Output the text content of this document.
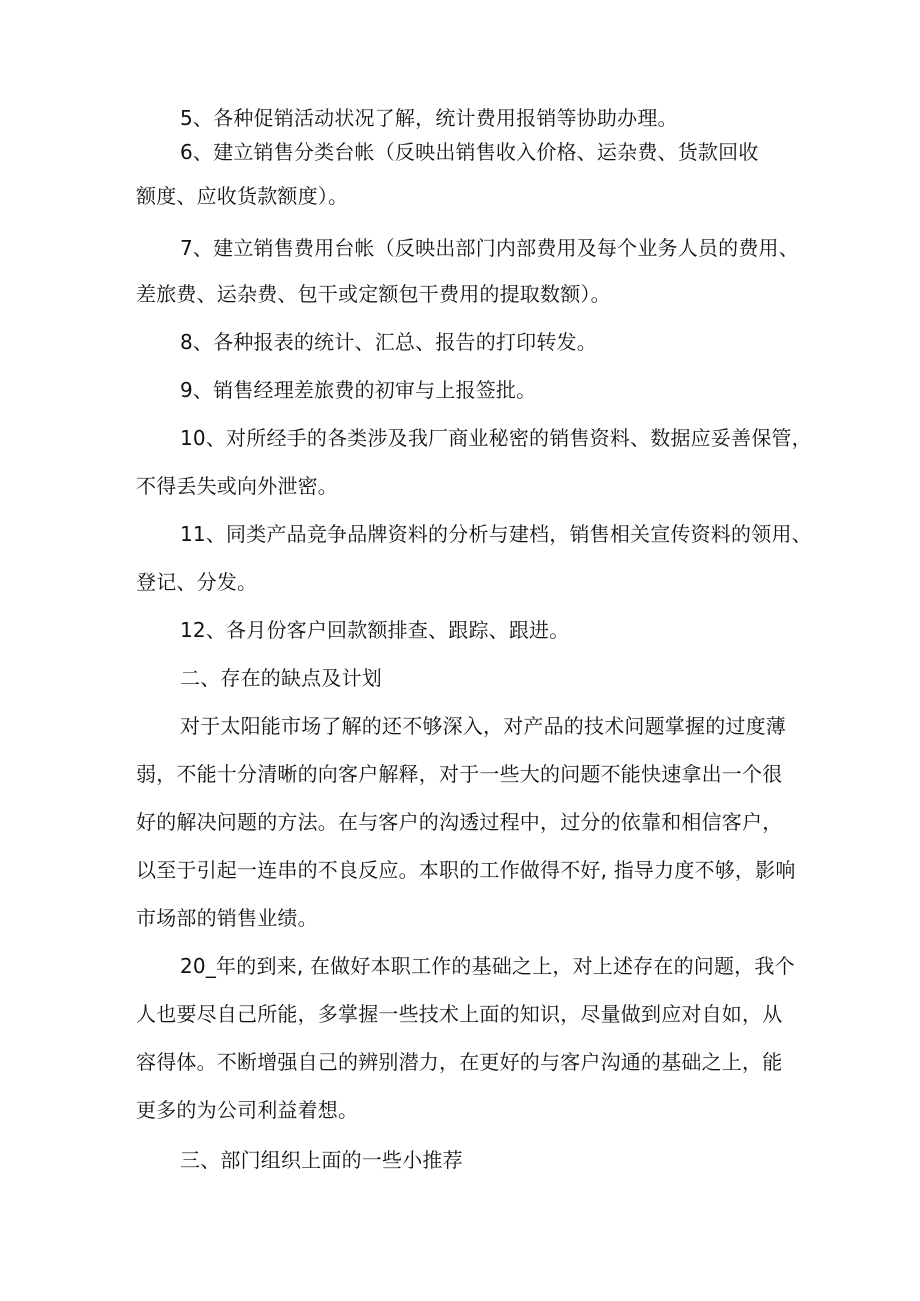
5、各种促销活动状况了解，统计费用报销等协助办理。

6、建立销售分类台帐（反映出销售收入价格、运杂费、货款回收

额度、应收货款额度）。

7、建立销售费用台帐（反映出部门内部费用及每个业务人员的费用、

差旅费、运杂费、包干或定额包干费用的提取数额）。

8、各种报表的统计、汇总、报告的打印转发。

9、销售经理差旅费的初审与上报签批。

10、对所经手的各类涉及我厂商业秘密的销售资料、数据应妥善保管，

不得丢失或向外泄密。

11、同类产品竞争品牌资料的分析与建档，销售相关宣传资料的领用、

登记、分发。

12、各月份客户回款额排查、跟踪、跟进。

二、存在的缺点及计划

对于太阳能市场了解的还不够深入，对产品的技术问题掌握的过度薄

弱，不能十分清晰的向客户解释，对于一些大的问题不能快速拿出一个很

好的解决问题的方法。在与客户的沟透过程中，过分的依靠和相信客户，

以至于引起一连串的不良反应。本职的工作做得不好, 指导力度不够，影响

市场部的销售业绩。

20_年的到来, 在做好本职工作的基础之上，对上述存在的问题，我个

人也要尽自己所能，多掌握一些技术上面的知识，尽量做到应对自如，从

容得体。不断增强自己的辨别潜力，在更好的与客户沟通的基础之上，能

更多的为公司利益着想。

三、部门组织上面的一些小推荐
